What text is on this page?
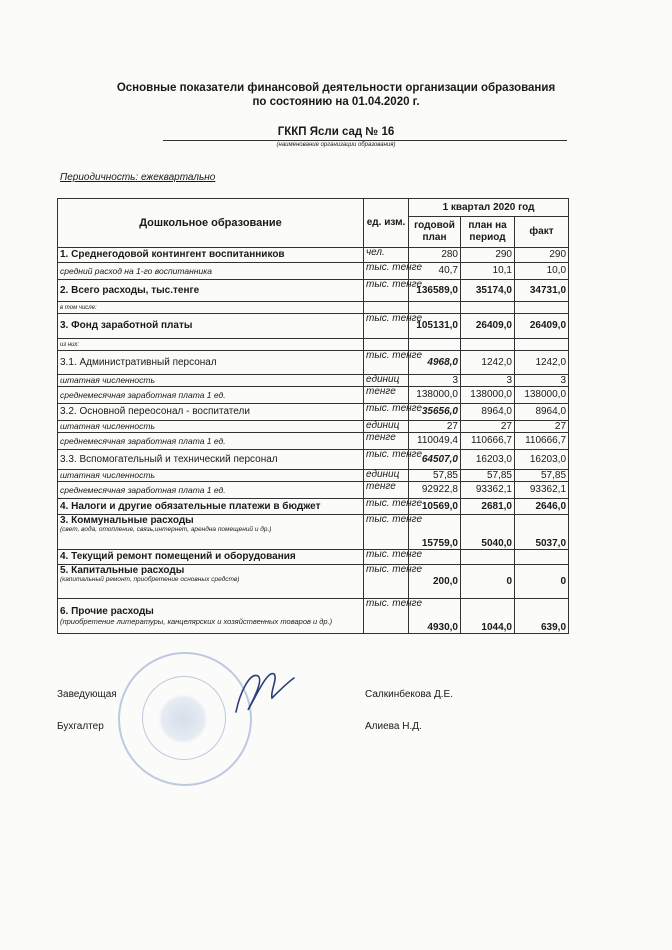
Основные показатели финансовой деятельности организации образования
по состоянию на 01.04.2020 г.
ГККП Ясли сад № 16
(наименование организации образования)
Периодичность: ежеквартально
Дошкольное образование	ед. изм.	1 квартал 2020 год		
		годовой план	план на период	факт
1. Среднегодовой контингент воспитанников	чел.	280	290	290
средний расход на 1-го воспитанника	тыс. тенге	40,7	10,1	10,0
2. Всего расходы, тыс.тенге	тыс. тенге	136589,0	35174,0	34731,0
в том числе:				
3. Фонд заработной платы	тыс. тенге	105131,0	26409,0	26409,0
из них:				
3.1. Административный персонал	тыс. тенге	4968,0	1242,0	1242,0
штатная численность	единиц	3	3	3
среднемесячная заработная плата 1 ед.	тенге	138000,0	138000,0	138000,0
3.2. Основной переосонал - воспитатели	тыс. тенге	35656,0	8964,0	8964,0
штатная численность	единиц	27	27	27
среднемесячная заработная плата 1 ед.	тенге	110049,4	110666,7	110666,7
3.3. Вспомогательный и технический персонал	тыс. тенге	64507,0	16203,0	16203,0
штатная численность	единиц	57,85	57,85	57,85
среднемесячная заработная плата 1 ед.	тенге	92922,8	93362,1	93362,1
4. Налоги и другие обязательные платежи в бюджет	тыс. тенге	10569,0	2681,0	2646,0
3. Коммунальные расходы
(свет, вода, отопление, связь,интернет, арендна помещений и др.)	тыс. тенге	15759,0	5040,0	5037,0
4. Текущий ремонт помещений и оборудования	тыс. тенге			
5. Капитальные расходы
(капитальный ремонт, приобретение основных средств)	тыс. тенге	200,0	0	0
6. Прочие расходы
(приобретение литературы, канцелярских и хозяйственных товаров и др.)	тыс. тенге	4930,0	1044,0	639,0
Заведующая	Салкинбекова Д.Е.
Бухгалтер	Алиева Н.Д.
